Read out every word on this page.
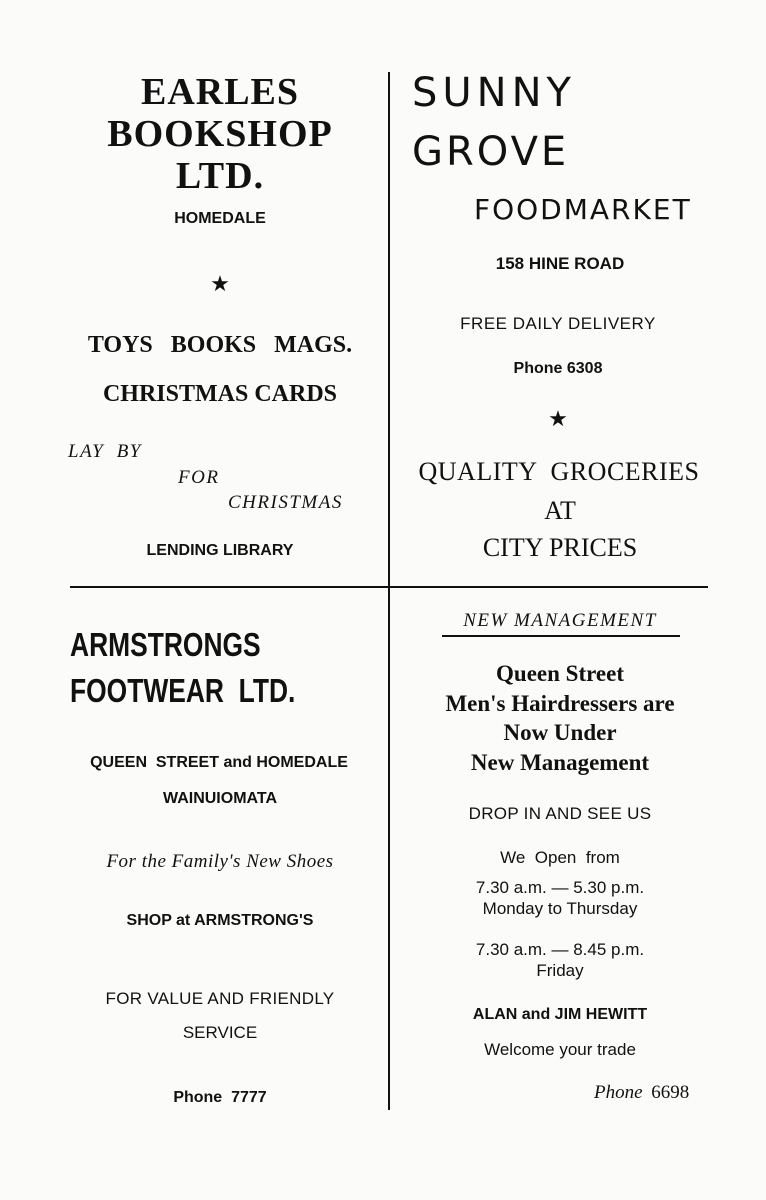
EARLES
BOOKSHOP
LTD.
HOMEDALE
★
TOYS   BOOKS   MAGS.
CHRISTMAS CARDS
LAY  BY
FOR
CHRISTMAS
LENDING LIBRARY
SUNNY
GROVE
FOODMARKET
158 HINE ROAD
FREE DAILY DELIVERY
Phone 6308
★
QUALITY  GROCERIES
AT
CITY PRICES
ARMSTRONGS
FOOTWEAR  LTD.
QUEEN  STREET and HOMEDALE
WAINUIOMATA
For the Family's New Shoes
SHOP at ARMSTRONG'S
FOR VALUE AND FRIENDLY
SERVICE
Phone  7777
NEW MANAGEMENT
Queen Street
Men's Hairdressers are
Now Under
New Management
DROP IN AND SEE US
We  Open  from
7.30 a.m. — 5.30 p.m.
Monday to Thursday
7.30 a.m. — 8.45 p.m.
Friday
ALAN and JIM HEWITT
Welcome your trade
Phone 6698
